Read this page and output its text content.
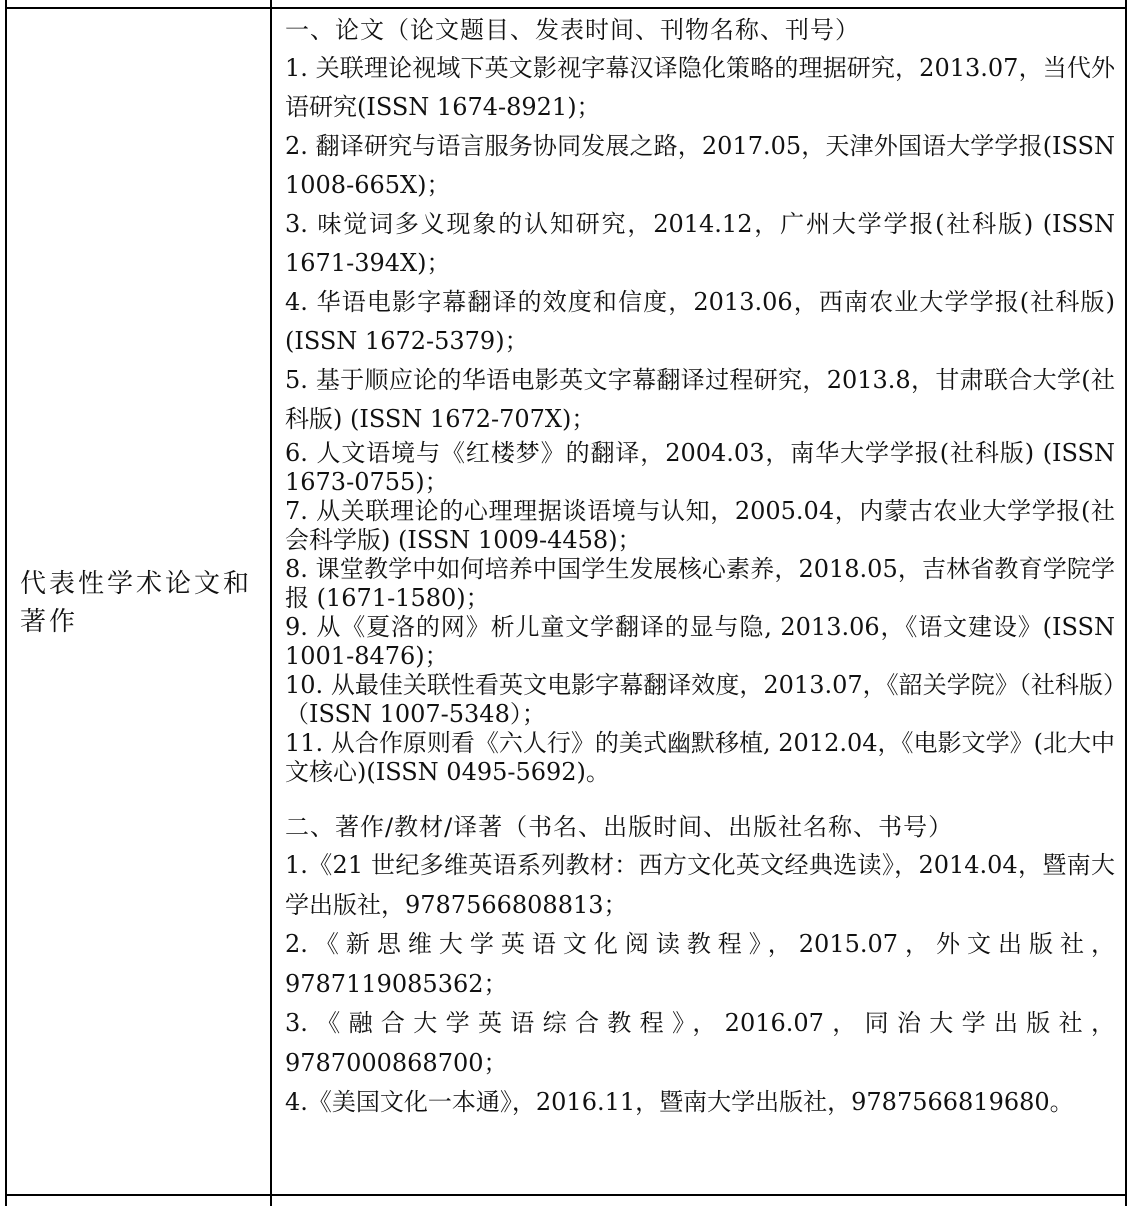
代表性学术论文和著作

一、论文（论文题目、发表时间、刊物名称、刊号）

1. 关联理论视域下英文影视字幕汉译隐化策略的理据研究，2013.07，当代外语研究(ISSN 1674-8921)；

2. 翻译研究与语言服务协同发展之路，2017.05，天津外国语大学学报(ISSN 1008-665X)；

3. 味觉词多义现象的认知研究，2014.12，广州大学学报(社科版) (ISSN 1671-394X)；

4. 华语电影字幕翻译的效度和信度，2013.06，西南农业大学学报(社科版) (ISSN 1672-5379)；

5. 基于顺应论的华语电影英文字幕翻译过程研究，2013.8，甘肃联合大学(社科版) (ISSN 1672-707X)；

6. 人文语境与《红楼梦》的翻译，2004.03，南华大学学报(社科版) (ISSN 1673-0755)；

7. 从关联理论的心理理据谈语境与认知，2005.04，内蒙古农业大学学报(社会科学版) (ISSN 1009-4458)；

8. 课堂教学中如何培养中国学生发展核心素养，2018.05，吉林省教育学院学报 (1671-1580)；

9. 从《夏洛的网》析儿童文学翻译的显与隐, 2013.06，《语文建设》(ISSN 1001-8476)；

10. 从最佳关联性看英文电影字幕翻译效度，2013.07，《韶关学院》（社科版）（ISSN 1007-5348）；

11. 从合作原则看《六人行》的美式幽默移植, 2012.04，《电影文学》(北大中文核心)(ISSN 0495-5692)。

二、著作/教材/译著（书名、出版时间、出版社名称、书号）

1.《21 世纪多维英语系列教材：西方文化英文经典选读》，2014.04，暨南大学出版社，9787566808813；

2.《新思维大学英语文化阅读教程》，2015.07，外文出版社，9787119085362；

3.《融合大学英语综合教程》，2016.07，同治大学出版社，9787000868700；

4.《美国文化一本通》，2016.11，暨南大学出版社，9787566819680。
